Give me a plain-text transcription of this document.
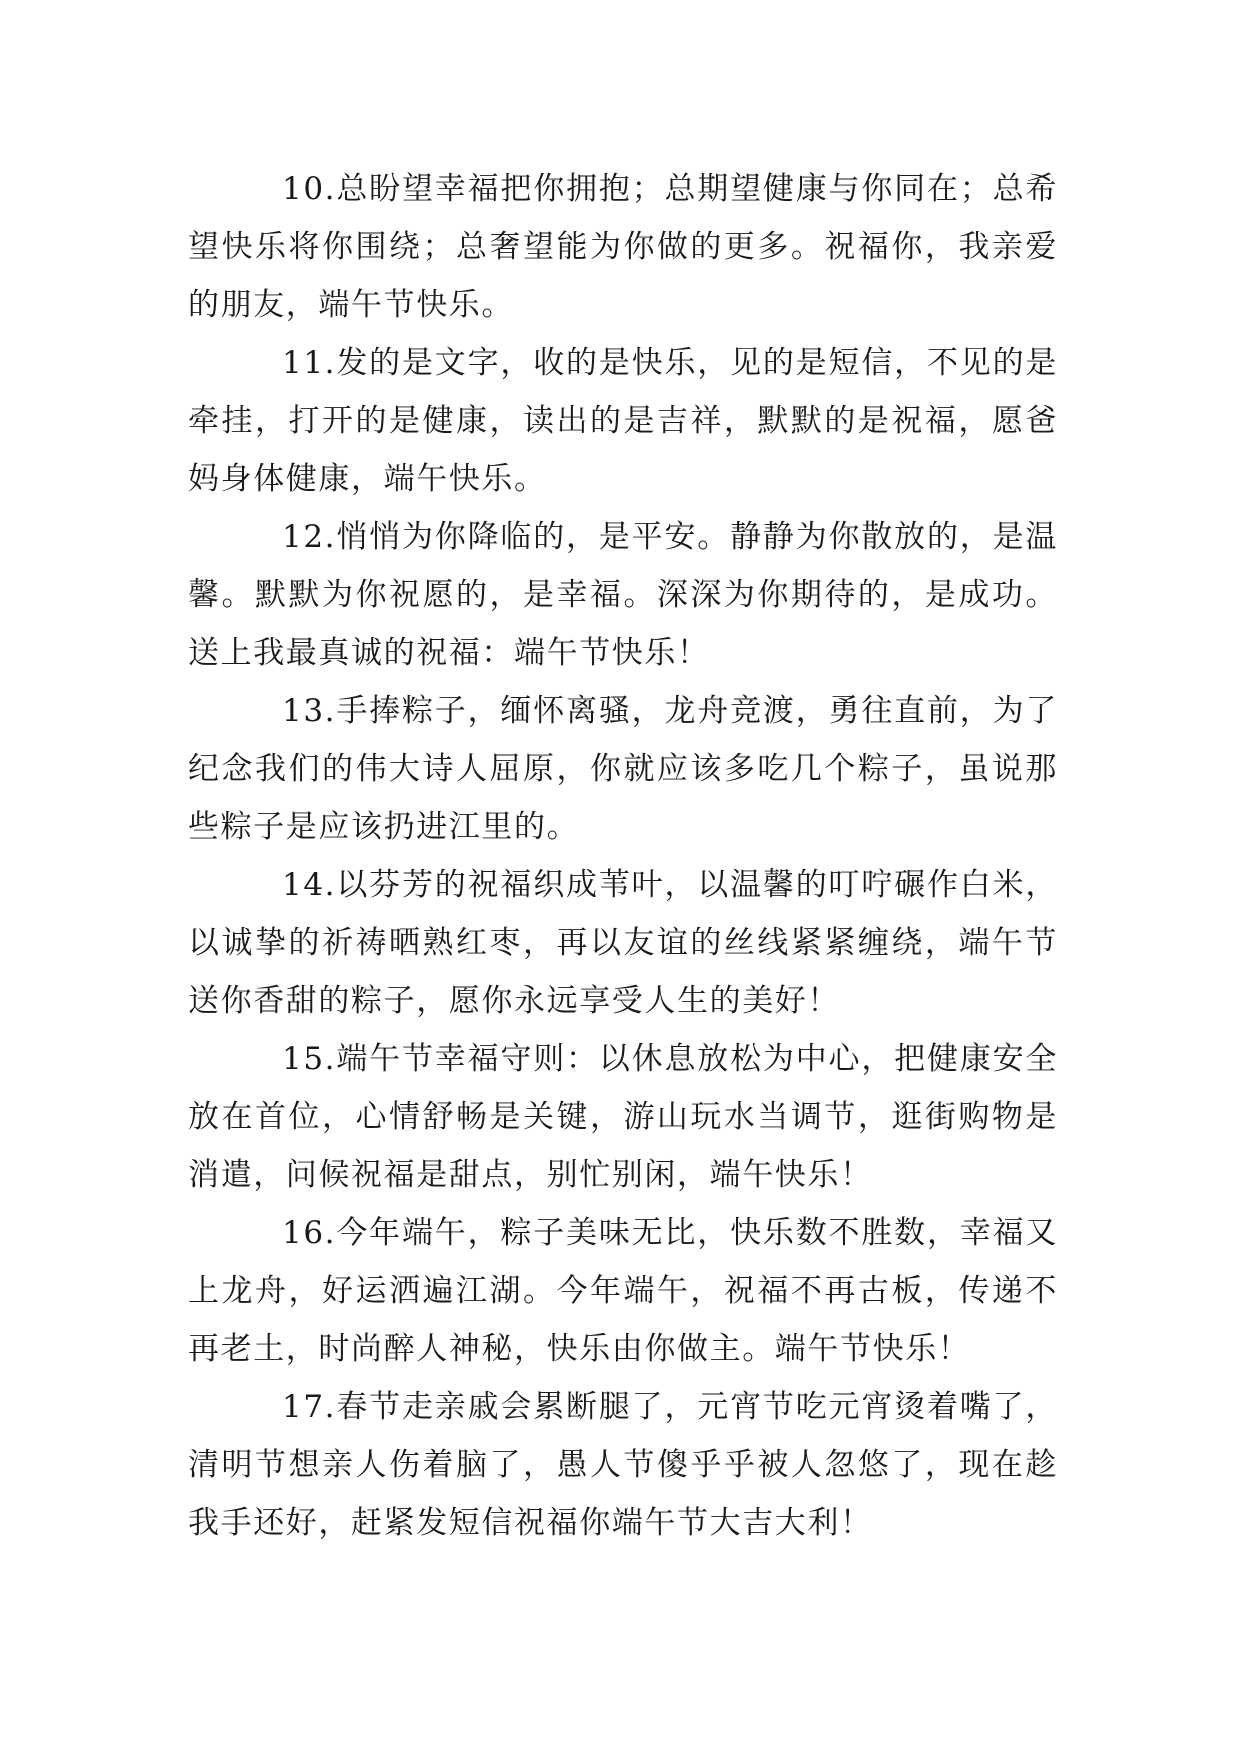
10.总盼望幸福把你拥抱；总期望健康与你同在；总希望快乐将你围绕；总奢望能为你做的更多。祝福你，我亲爱的朋友，端午节快乐。

11.发的是文字，收的是快乐，见的是短信，不见的是牵挂，打开的是健康，读出的是吉祥，默默的是祝福，愿爸妈身体健康，端午快乐。

12.悄悄为你降临的，是平安。静静为你散放的，是温馨。默默为你祝愿的，是幸福。深深为你期待的，是成功。送上我最真诚的祝福：端午节快乐！

13.手捧粽子，缅怀离骚，龙舟竞渡，勇往直前，为了纪念我们的伟大诗人屈原，你就应该多吃几个粽子，虽说那些粽子是应该扔进江里的。

14.以芬芳的祝福织成苇叶，以温馨的叮咛碾作白米，以诚挚的祈祷晒熟红枣，再以友谊的丝线紧紧缠绕，端午节送你香甜的粽子，愿你永远享受人生的美好！

15.端午节幸福守则：以休息放松为中心，把健康安全放在首位，心情舒畅是关键，游山玩水当调节，逛街购物是消遣，问候祝福是甜点，别忙别闲，端午快乐！

16.今年端午，粽子美味无比，快乐数不胜数，幸福又上龙舟，好运洒遍江湖。今年端午，祝福不再古板，传递不再老土，时尚醉人神秘，快乐由你做主。端午节快乐！

17.春节走亲戚会累断腿了，元宵节吃元宵烫着嘴了，清明节想亲人伤着脑了，愚人节傻乎乎被人忽悠了，现在趁我手还好，赶紧发短信祝福你端午节大吉大利！
